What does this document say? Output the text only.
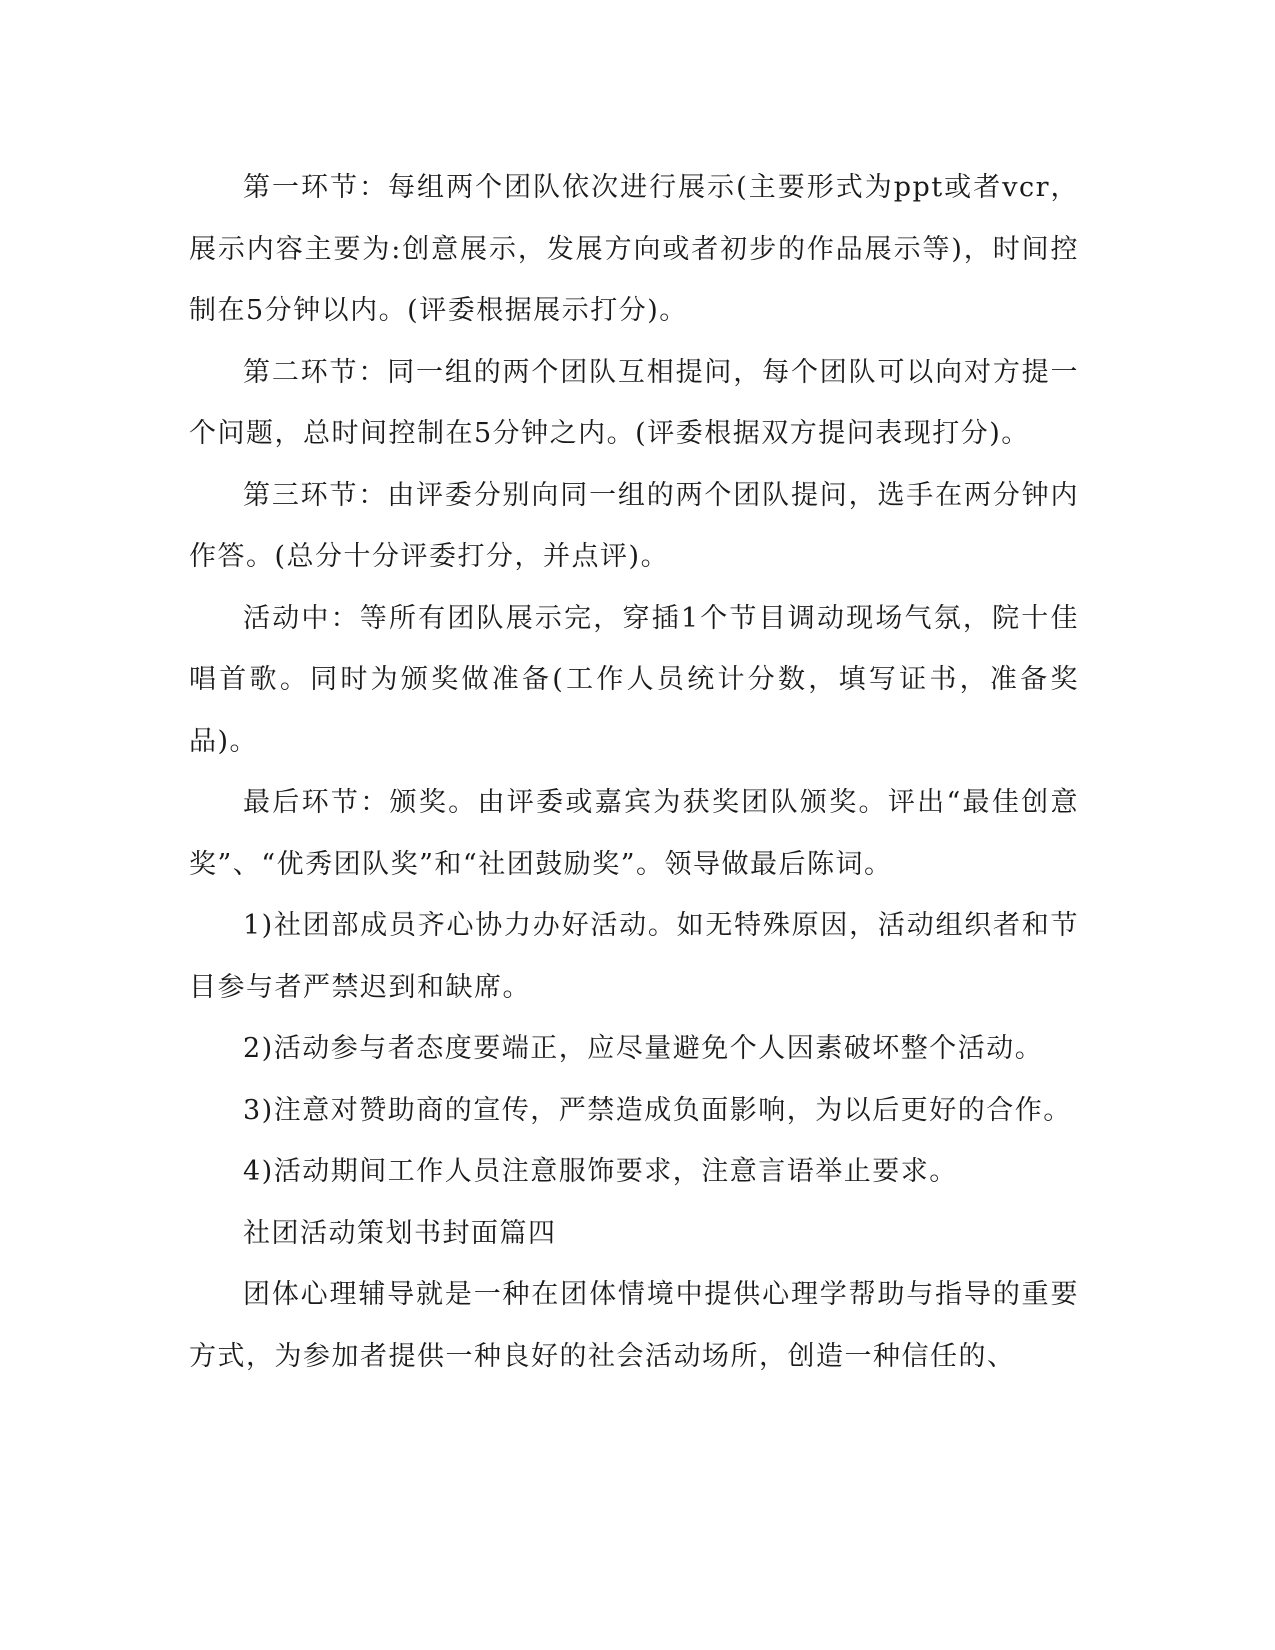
第一环节：每组两个团队依次进行展示(主要形式为ppt或者vcr，展示内容主要为:创意展示，发展方向或者初步的作品展示等)，时间控制在5分钟以内。(评委根据展示打分)。

第二环节：同一组的两个团队互相提问，每个团队可以向对方提一个问题，总时间控制在5分钟之内。(评委根据双方提问表现打分)。

第三环节：由评委分别向同一组的两个团队提问，选手在两分钟内作答。(总分十分评委打分，并点评)。

活动中：等所有团队展示完，穿插1个节目调动现场气氛，院十佳唱首歌。同时为颁奖做准备(工作人员统计分数，填写证书，准备奖品)。

最后环节：颁奖。由评委或嘉宾为获奖团队颁奖。评出“最佳创意奖”、“优秀团队奖”和“社团鼓励奖”。领导做最后陈词。

1)社团部成员齐心协力办好活动。如无特殊原因，活动组织者和节目参与者严禁迟到和缺席。

2)活动参与者态度要端正，应尽量避免个人因素破坏整个活动。

3)注意对赞助商的宣传，严禁造成负面影响，为以后更好的合作。

4)活动期间工作人员注意服饰要求，注意言语举止要求。

社团活动策划书封面篇四

团体心理辅导就是一种在团体情境中提供心理学帮助与指导的重要方式，为参加者提供一种良好的社会活动场所，创造一种信任的、
